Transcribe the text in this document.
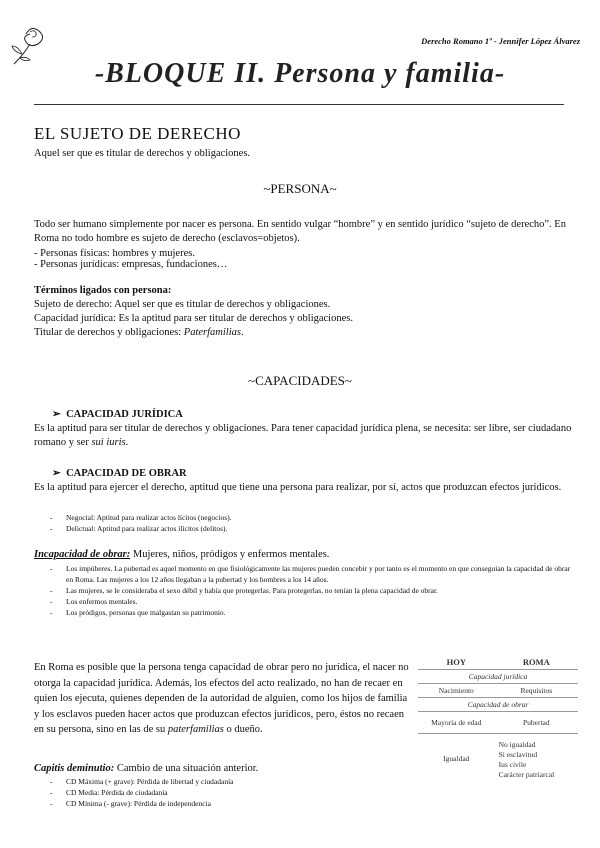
Derecho Romano 1º - Jennifer López Álvarez
-BLOQUE II. Persona y familia-
EL SUJETO DE DERECHO
Aquel ser que es titular de derechos y obligaciones.
~PERSONA~
Todo ser humano simplemente por nacer es persona. En sentido vulgar “hombre” y en sentido jurídico “sujeto de derecho”. En Roma no todo hombre es sujeto de derecho (esclavos=objetos).
- Personas físicas: hombres y mujeres.
- Personas jurídicas: empresas, fundaciones…
Términos ligados con persona:
Sujeto de derecho: Aquel ser que es titular de derechos y obligaciones.
Capacidad jurídica: Es la aptitud para ser titular de derechos y obligaciones.
Titular de derechos y obligaciones: Paterfamilias.
~CAPACIDADES~
➢  CAPACIDAD JURÍDICA
Es la aptitud para ser titular de derechos y obligaciones. Para tener capacidad jurídica plena, se necesita: ser libre, ser ciudadano romano y ser sui iuris.
➢  CAPACIDAD DE OBRAR
Es la aptitud para ejercer el derecho, aptitud que tiene una persona para realizar, por sí, actos que produzcan efectos jurídicos.
- Negocial: Aptitud para realizar actos lícitos (negocios).
- Delictual: Aptitud para realizar actos ilícitos (delitos).
Incapacidad de obrar: Mujeres, niños, pródigos y enfermos mentales.
- Los impúberes. La pubertad es aquel momento en que fisiológicamente las mujeres pueden concebir y por tanto es el momento en que conseguían la capacidad de obrar en Roma. Las mujeres a los 12 años llegaban a la pubertad y los hombres a los 14 años.
- Las mujeres, se le consideraba el sexo débil y había que protegerlas. Para protegerlas, no tenían la plena capacidad de obrar.
- Los enfermos mentales.
- Los pródigos, personas que malgastan su patrimonio.
En Roma es posible que la persona tenga capacidad de obrar pero no jurídica, el nacer no otorga la capacidad jurídica. Además, los efectos del acto realizado, no han de recaer en quien los ejecuta, quienes dependen de la autoridad de alguien, como los hijos de familia y los esclavos pueden hacer actos que produzcan efectos jurídicos, pero, éstos no recaen en su persona, sino en las de su paterfamilias o dueño.
HOY	ROMA
Capacidad jurídica	
Nacimiento	Requisitos
Capacidad de obrar	
Mayoría de edad	Pubertad
Igualdad	No igualdad
Si esclavitud
Ius civile
Carácter patriarcal
Capitis deminutio: Cambio de una situación anterior.
- CD Máxima (+ grave): Pérdida de libertad y ciudadanía
- CD Media: Pérdida de ciudadanía
- CD Mínima (- grave): Pérdida de independencia
